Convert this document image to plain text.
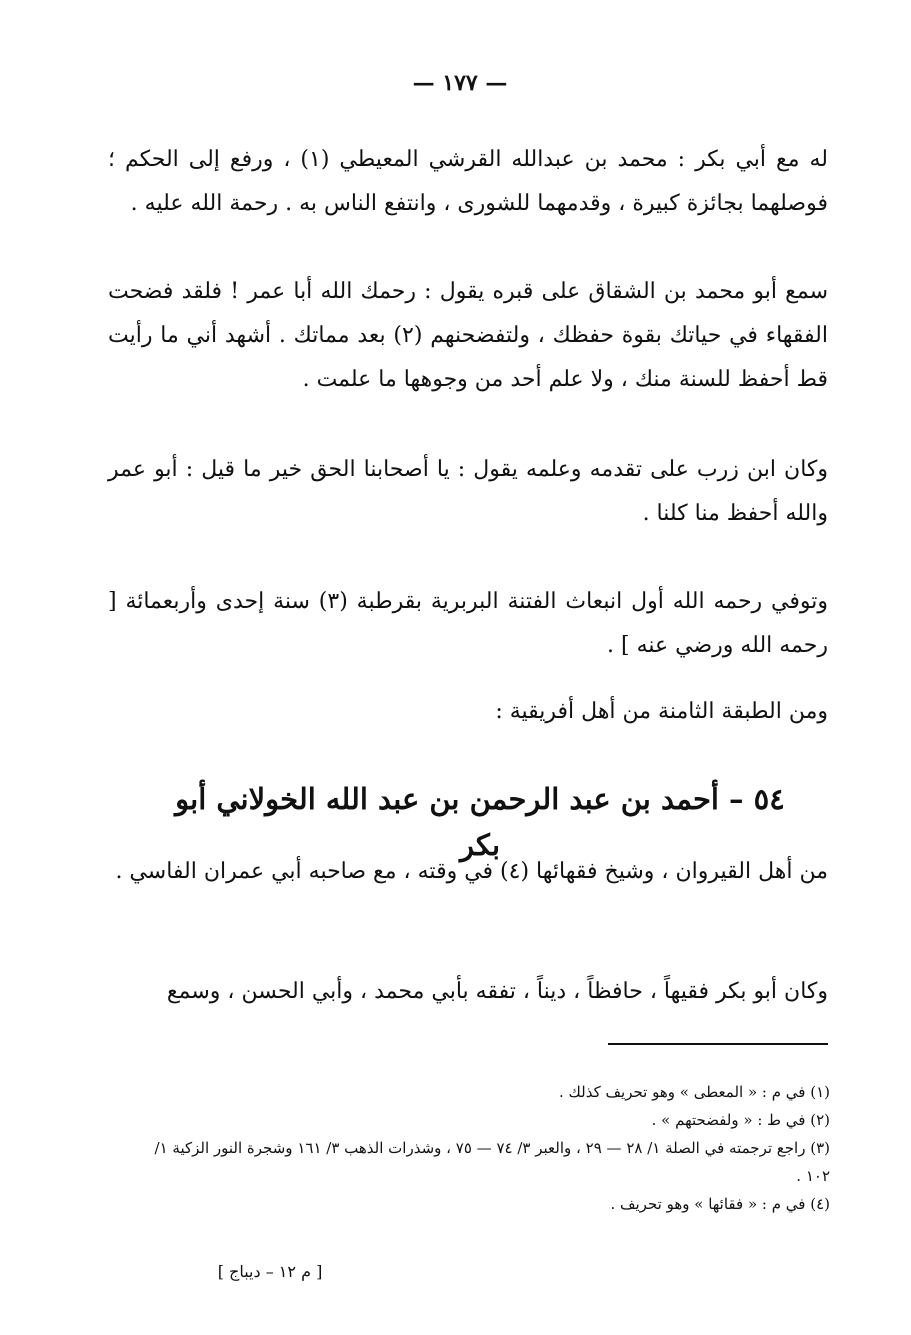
— ١٧٧ —
له مع أبي بكر : محمد بن عبدالله القرشي المعيطي (١) ، ورفع إلى الحكم ؛ فوصلهما بجائزة كبيرة ، وقدمهما للشورى ، وانتفع الناس به . رحمة الله عليه .
سمع أبو محمد بن الشقاق على قبره يقول : رحمك الله أبا عمر ! فلقد فضحت الفقهاء في حياتك بقوة حفظك ، ولتفضحنهم (٢) بعد مماتك . أشهد أني ما رأيت قط أحفظ للسنة منك ، ولا علم أحد من وجوهها ما علمت .
وكان ابن زرب على تقدمه وعلمه يقول : يا أصحابنا الحق خير ما قيل : أبو عمر والله أحفظ منا كلنا .
وتوفي رحمه الله أول انبعاث الفتنة البربرية بقرطبة (٣) سنة إحدى وأربعمائة [ رحمه الله ورضي عنه ] .
ومن الطبقة الثامنة من أهل أفريقية :
٥٤ – أحمد بن عبد الرحمن بن عبد الله الخولاني أبو بكر
من أهل القيروان ، وشيخ فقهائها (٤) في وقته ، مع صاحبه أبي عمران الفاسي .
وكان أبو بكر فقيهاً ، حافظاً ، ديناً ، تفقه بأبي محمد ، وأبي الحسن ، وسمع
(١) في م : « المعطى » وهو تحريف كذلك .
(٢) في ط : « ولفضحتهم » .
(٣) راجع ترجمته في الصلة ١/ ٢٨ — ٢٩ ، والعبر ٣/ ٧٤ — ٧٥ ، وشذرات الذهب ٣/ ١٦١ وشجرة النور الزكية ١/ ١٠٢ .
(٤) في م : « فقائها » وهو تحريف .
[ م ١٢ – ديباج ]
